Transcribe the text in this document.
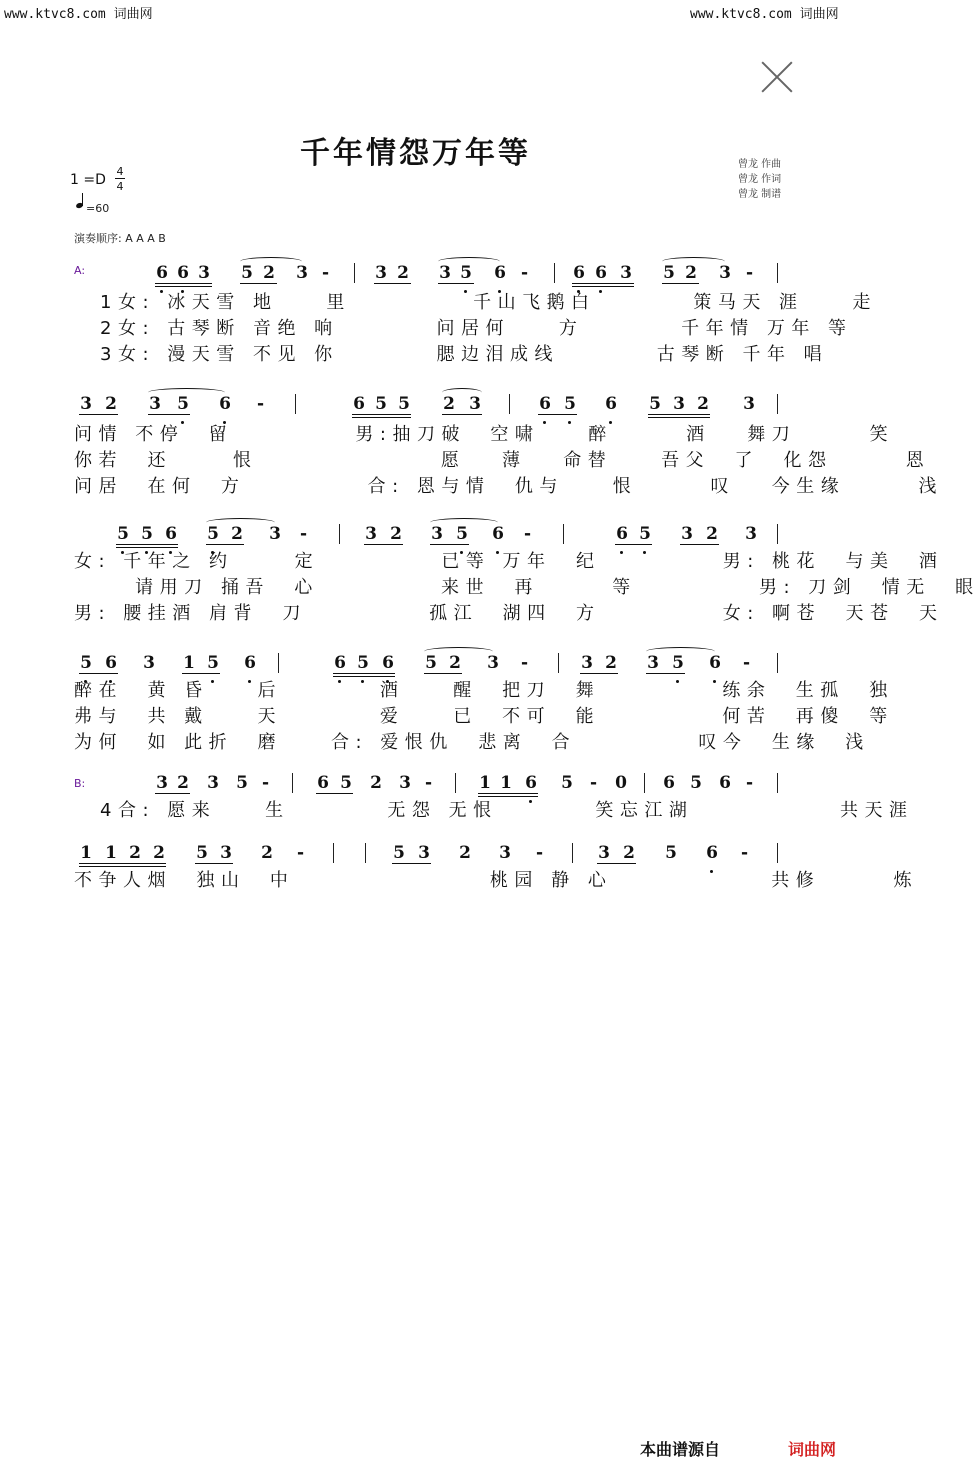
www.ktvc8.com 词曲网	www.ktvc8.com 词曲网
千年情怨万年等
1 =D
4
4
=60
曾龙 作曲
曾龙 作词
曾龙 制谱
演奏顺序: A A A B
A:
B:
6 6 3 5 2 3 -	3 2 3 5 6 -	6 6 3 5 2 3 -
3 2 3 5 6 -	6 5 5 2 3	6 5 6 5 3 2 3
5 5 6 5 2 3 -	3 2 3 5 6 -	6 5 3 2 3
5 6 3 1 5 6	6 5 6 5 2 3 -	3 2 3 5 6 -
3 2 3 5 -	6 5 2 3 -	1 1 6 5 - 0 6 5 6 -
1 1 2 2 5 3 2 -	5 3 2 3 -	3 2 5 6 -
1女: 冰天雪 地    里          千山飞鹅白        策马天 涯    走
2女: 古琴断 音绝 响        问居何    方        千年情 万年 等
3女: 漫天雪 不见 你        腮边泪成线        古琴断 千年 唱
问情 不停  留          男:抽刀破  空啸    醉      酒   舞刀      笑
你若  还     恨               愿   薄   命替    吾父  了  化怨      恩
问居  在何  方          合: 恩与情  仇与    恨      叹   今生缘      浅
女: 千年之 约     定          已等 万年  纪          男: 桃花  与美  酒
请用刀 捅吾  心          来世  再      等          男: 刀剑  情无  眼
男: 腰挂酒 肩背  刀          孤江  湖四  方          女: 啊苍  天苍  天
醉在  黄 昏    后        酒    醒  把刀  舞          练余  生孤  独
弗与  共 戴    天        爱    已  不可  能          何苦  再傻  等
为何  如 此折  磨    合: 爱恨仇  悲离  合          叹今  生缘  浅
4合: 愿来    生        无怨 无恨        笑忘江湖            共天涯
不争人烟  独山  中                桃园 静 心             共修      炼
本曲谱源自	词曲网
